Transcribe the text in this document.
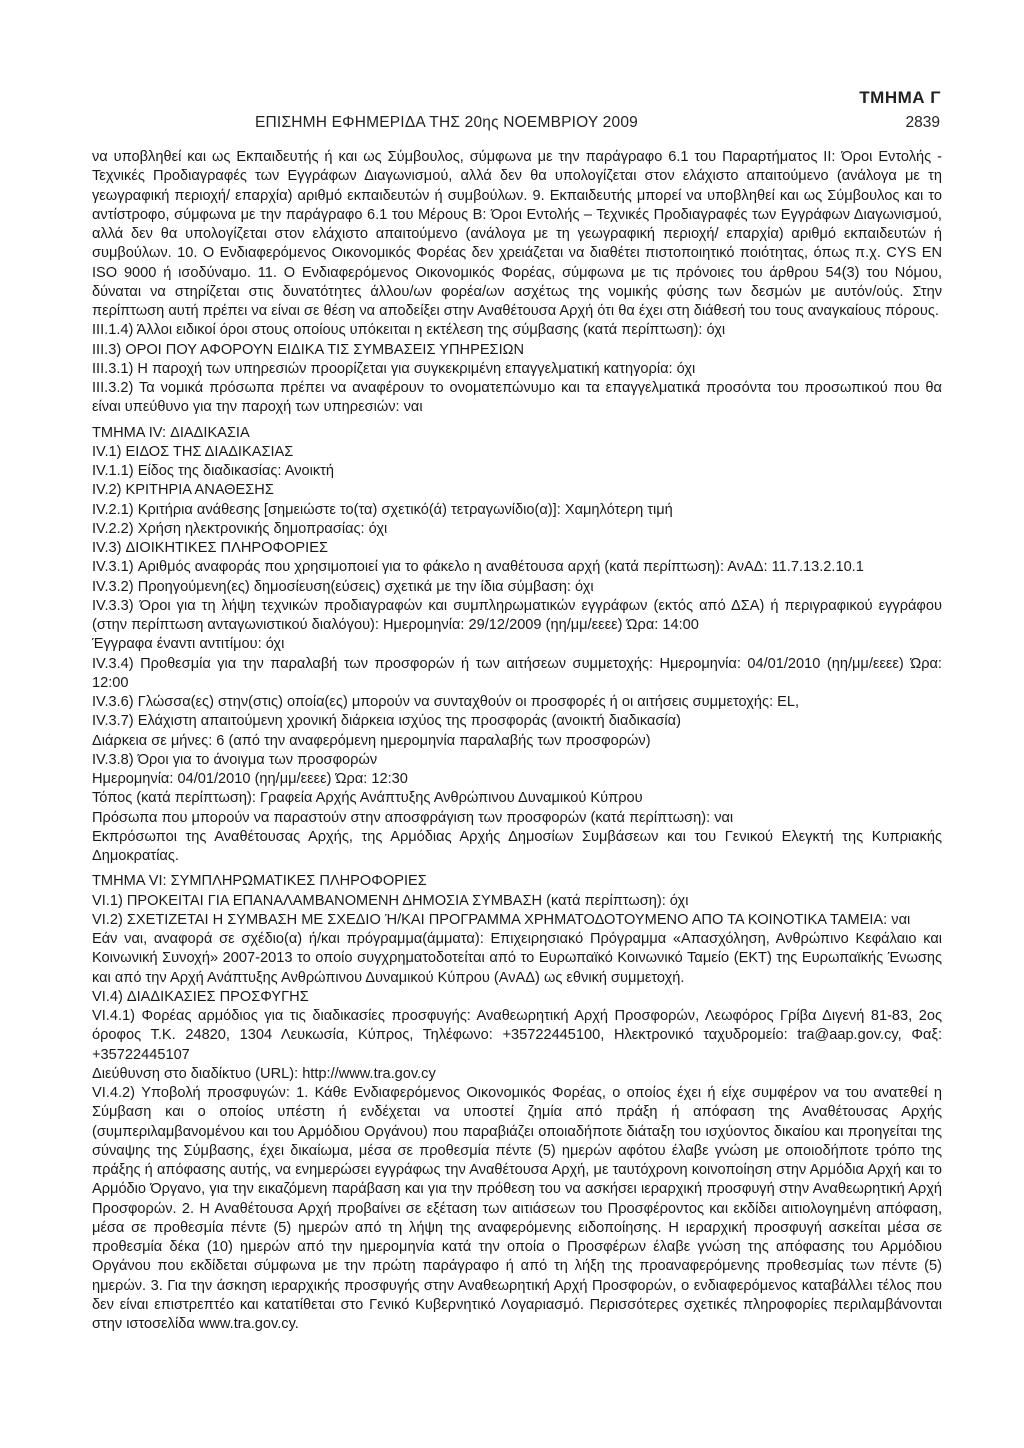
ΤΜΗΜΑ Γ
ΕΠΙΣΗΜΗ ΕΦΗΜΕΡΙΔΑ ΤΗΣ 20ης ΝΟΕΜΒΡΙΟΥ 2009	2839

να υποβληθεί και ως Εκπαιδευτής ή και ως Σύμβουλος, σύμφωνα με την παράγραφο 6.1 του Παραρτήματος ΙΙ: Όροι Εντολής - Τεχνικές Προδιαγραφές των Εγγράφων Διαγωνισμού, αλλά δεν θα υπολογίζεται στον ελάχιστο απαιτούμενο (ανάλογα με τη γεωγραφική περιοχή/ επαρχία) αριθμό εκπαιδευτών ή συμβούλων. 9. Εκπαιδευτής μπορεί να υποβληθεί και ως Σύμβουλος και το αντίστροφο, σύμφωνα με την παράγραφο 6.1 του Μέρους Β: Όροι Εντολής – Τεχνικές Προδιαγραφές των Εγγράφων Διαγωνισμού, αλλά δεν θα υπολογίζεται στον ελάχιστο απαιτούμενο (ανάλογα με τη γεωγραφική περιοχή/ επαρχία) αριθμό εκπαιδευτών ή συμβούλων. 10. Ο Ενδιαφερόμενος Οικονομικός Φορέας δεν χρειάζεται να διαθέτει πιστοποιητικό ποιότητας, όπως π.χ. CYS EN ISO 9000 ή ισοδύναμο. 11. Ο Ενδιαφερόμενος Οικονομικός Φορέας, σύμφωνα με τις πρόνοιες του άρθρου 54(3) του Νόμου, δύναται να στηρίζεται στις δυνατότητες άλλου/ων φορέα/ων ασχέτως της νομικής φύσης των δεσμών με αυτόν/ούς. Στην περίπτωση αυτή πρέπει να είναι σε θέση να αποδείξει στην Αναθέτουσα Αρχή ότι θα έχει στη διάθεσή του τους αναγκαίους πόρους.

ΙΙΙ.1.4) Άλλοι ειδικοί όροι στους οποίους υπόκειται η εκτέλεση της σύμβασης (κατά περίπτωση): όχι

ΙΙΙ.3) ΟΡΟΙ ΠΟΥ ΑΦΟΡΟΥΝ ΕΙΔΙΚΑ ΤΙΣ ΣΥΜΒΑΣΕΙΣ ΥΠΗΡΕΣΙΩΝ

ΙΙΙ.3.1) Η παροχή των υπηρεσιών προορίζεται για συγκεκριμένη επαγγελματική κατηγορία: όχι

ΙΙΙ.3.2) Τα νομικά πρόσωπα πρέπει να αναφέρουν το ονοματεπώνυμο και τα επαγγελματικά προσόντα του προσωπικού που θα είναι υπεύθυνο για την παροχή των υπηρεσιών: ναι

ΤΜΗΜΑ IV: ΔΙΑΔΙΚΑΣΙΑ

IV.1) ΕΙΔΟΣ ΤΗΣ ΔΙΑΔΙΚΑΣΙΑΣ

IV.1.1) Είδος της διαδικασίας: Ανοικτή

IV.2) ΚΡΙΤΗΡΙΑ ΑΝΑΘΕΣΗΣ

IV.2.1) Κριτήρια ανάθεσης [σημειώστε το(τα) σχετικό(ά) τετραγωνίδιο(α)]: Χαμηλότερη τιμή

IV.2.2) Χρήση ηλεκτρονικής δημοπρασίας: όχι

IV.3) ΔΙΟΙΚΗΤΙΚΕΣ ΠΛΗΡΟΦΟΡΙΕΣ

IV.3.1) Αριθμός αναφοράς που χρησιμοποιεί για το φάκελο η αναθέτουσα αρχή (κατά περίπτωση): ΑνΑΔ: 11.7.13.2.10.1

IV.3.2) Προηγούμενη(ες) δημοσίευση(εύσεις) σχετικά με την ίδια σύμβαση: όχι

IV.3.3) Όροι για τη λήψη τεχνικών προδιαγραφών και συμπληρωματικών εγγράφων (εκτός από ΔΣΑ) ή περιγραφικού εγγράφου (στην περίπτωση ανταγωνιστικού διαλόγου): Ημερομηνία: 29/12/2009 (ηη/μμ/εεεε) Ώρα: 14:00

Έγγραφα έναντι αντιτίμου: όχι

IV.3.4) Προθεσμία για την παραλαβή των προσφορών ή των αιτήσεων συμμετοχής: Ημερομηνία: 04/01/2010 (ηη/μμ/εεεε) Ώρα: 12:00

IV.3.6) Γλώσσα(ες) στην(στις) οποία(ες) μπορούν να συνταχθούν οι προσφορές ή οι αιτήσεις συμμετοχής: EL,

IV.3.7) Ελάχιστη απαιτούμενη χρονική διάρκεια ισχύος της προσφοράς (ανοικτή διαδικασία)

Διάρκεια σε μήνες: 6 (από την αναφερόμενη ημερομηνία παραλαβής των προσφορών)

IV.3.8) Όροι για το άνοιγμα των προσφορών

Ημερομηνία: 04/01/2010 (ηη/μμ/εεεε) Ώρα: 12:30

Τόπος (κατά περίπτωση): Γραφεία Αρχής Ανάπτυξης Ανθρώπινου Δυναμικού Κύπρου

Πρόσωπα που μπορούν να παραστούν στην αποσφράγιση των προσφορών (κατά περίπτωση): ναι

Εκπρόσωποι της Αναθέτουσας Αρχής, της Αρμόδιας Αρχής Δημοσίων Συμβάσεων και του Γενικού Ελεγκτή της Κυπριακής Δημοκρατίας.

ΤΜΗΜΑ VI: ΣΥΜΠΛΗΡΩΜΑΤΙΚΕΣ ΠΛΗΡΟΦΟΡΙΕΣ

VI.1) ΠΡΟΚΕΙΤΑΙ ΓΙΑ ΕΠΑΝΑΛΑΜΒΑΝΟΜΕΝΗ ΔΗΜΟΣΙΑ ΣΥΜΒΑΣΗ (κατά περίπτωση): όχι

VI.2) ΣΧΕΤΙΖΕΤΑΙ Η ΣΥΜΒΑΣΗ ΜΕ ΣΧΕΔΙΟ Ή/ΚΑΙ ΠΡΟΓΡΑΜΜΑ ΧΡΗΜΑΤΟΔΟΤΟΥΜΕΝΟ ΑΠΟ ΤΑ ΚΟΙΝΟΤΙΚΑ ΤΑΜΕΙΑ: ναι

Εάν ναι, αναφορά σε σχέδιο(α) ή/και πρόγραμμα(άμματα): Επιχειρησιακό Πρόγραμμα «Απασχόληση, Ανθρώπινο Κεφάλαιο και Κοινωνική Συνοχή» 2007-2013 το οποίο συγχρηματοδοτείται από το Ευρωπαϊκό Κοινωνικό Ταμείο (ΕΚΤ) της Ευρωπαϊκής Ένωσης και από την Αρχή Ανάπτυξης Ανθρώπινου Δυναμικού Κύπρου (ΑνΑΔ) ως εθνική συμμετοχή.

VI.4) ΔΙΑΔΙΚΑΣΙΕΣ ΠΡΟΣΦΥΓΗΣ

VI.4.1) Φορέας αρμόδιος για τις διαδικασίες προσφυγής: Αναθεωρητική Αρχή Προσφορών, Λεωφόρος Γρίβα Διγενή 81-83, 2ος όροφος Τ.Κ. 24820, 1304 Λευκωσία, Κύπρος, Τηλέφωνο: +35722445100, Ηλεκτρονικό ταχυδρομείο: tra@aap.gov.cy, Φαξ: +35722445107

Διεύθυνση στο διαδίκτυο (URL): http://www.tra.gov.cy

VI.4.2) Υποβολή προσφυγών: 1. Κάθε Ενδιαφερόμενος Οικονομικός Φορέας, ο οποίος έχει ή είχε συμφέρον να του ανατεθεί η Σύμβαση και ο οποίος υπέστη ή ενδέχεται να υποστεί ζημία από πράξη ή απόφαση της Αναθέτουσας Αρχής (συμπεριλαμβανομένου και του Αρμόδιου Οργάνου) που παραβιάζει οποιαδήποτε διάταξη του ισχύοντος δικαίου και προηγείται της σύναψης της Σύμβασης, έχει δικαίωμα, μέσα σε προθεσμία πέντε (5) ημερών αφότου έλαβε γνώση με οποιοδήποτε τρόπο της πράξης ή απόφασης αυτής, να ενημερώσει εγγράφως την Αναθέτουσα Αρχή, με ταυτόχρονη κοινοποίηση στην Αρμόδια Αρχή και το Αρμόδιο Όργανο, για την εικαζόμενη παράβαση και για την πρόθεση του να ασκήσει ιεραρχική προσφυγή στην Αναθεωρητική Αρχή Προσφορών. 2. Η Αναθέτουσα Αρχή προβαίνει σε εξέταση των αιτιάσεων του Προσφέροντος και εκδίδει αιτιολογημένη απόφαση, μέσα σε προθεσμία πέντε (5) ημερών από τη λήψη της αναφερόμενης ειδοποίησης. Η ιεραρχική προσφυγή ασκείται μέσα σε προθεσμία δέκα (10) ημερών από την ημερομηνία κατά την οποία ο Προσφέρων έλαβε γνώση της απόφασης του Αρμόδιου Οργάνου που εκδίδεται σύμφωνα με την πρώτη παράγραφο ή από τη λήξη της προαναφερόμενης προθεσμίας των πέντε (5) ημερών. 3. Για την άσκηση ιεραρχικής προσφυγής στην Αναθεωρητική Αρχή Προσφορών, ο ενδιαφερόμενος καταβάλλει τέλος που δεν είναι επιστρεπτέο και κατατίθεται στο Γενικό Κυβερνητικό Λογαριασμό. Περισσότερες σχετικές πληροφορίες περιλαμβάνονται στην ιστοσελίδα www.tra.gov.cy.
